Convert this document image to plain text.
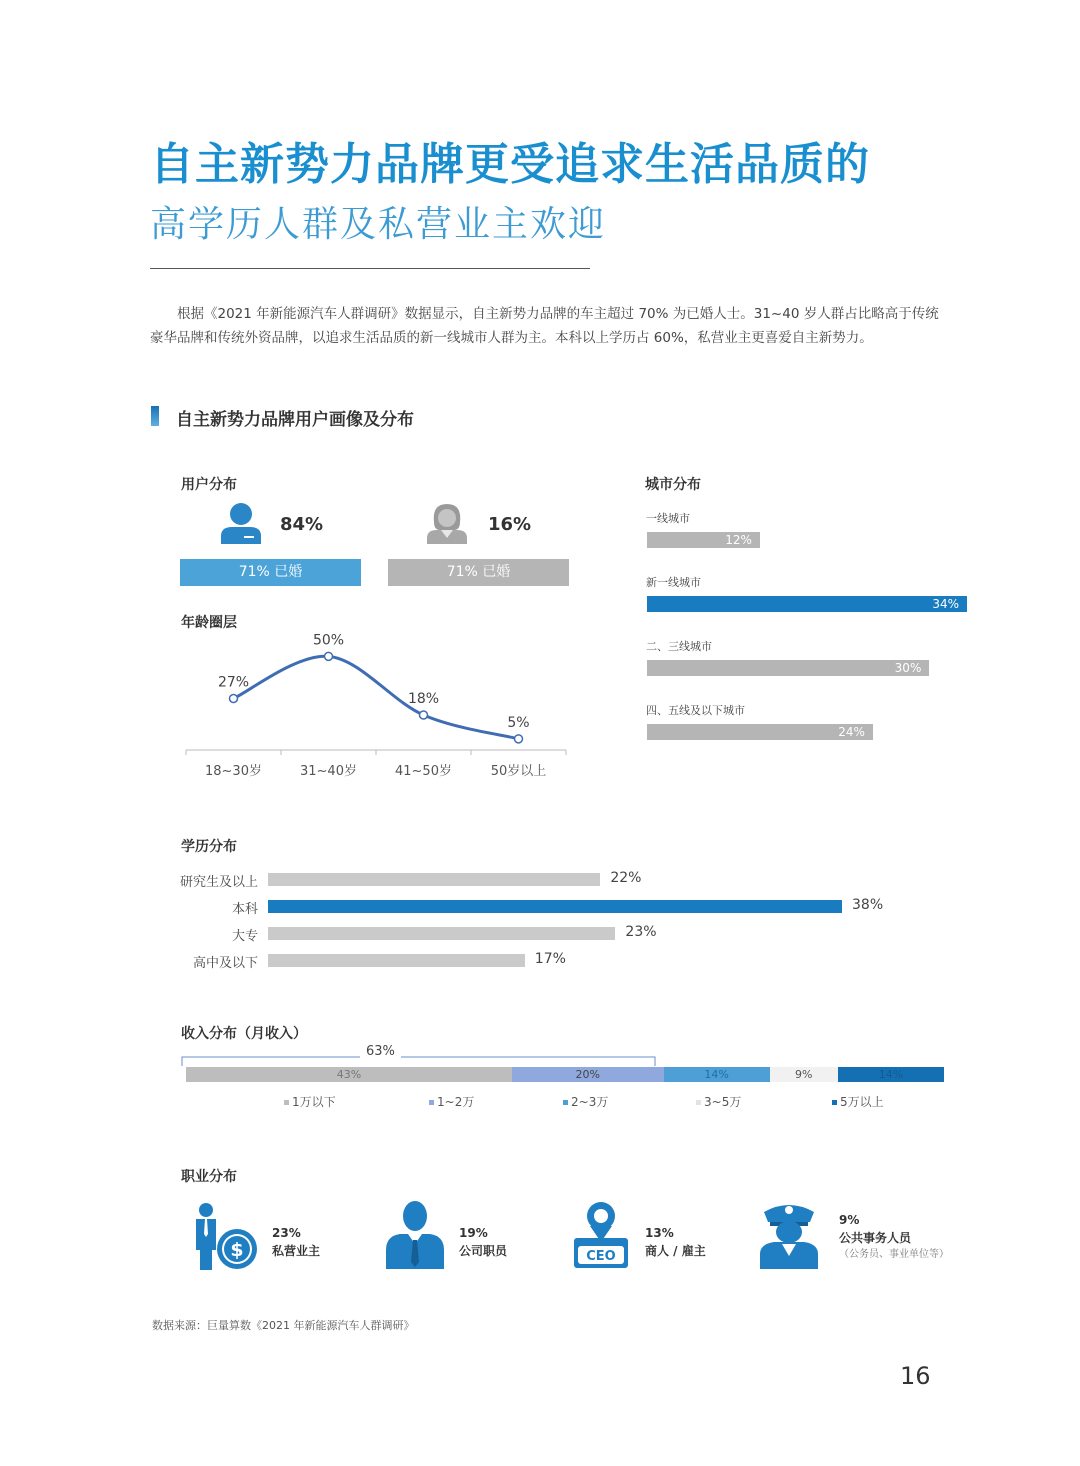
自主新势力品牌更受追求生活品质的
高学历人群及私营业主欢迎
根据《2021 年新能源汽车人群调研》数据显示，自主新势力品牌的车主超过 70% 为已婚人士。31~40 岁人群占比略高于传统豪华品牌和传统外资品牌，以追求生活品质的新一线城市人群为主。本科以上学历占 60%，私营业主更喜爱自主新势力。
自主新势力品牌用户画像及分布
用户分布
84%	16%
71% 已婚	71% 已婚
年龄圈层
27%
18~30岁
50%
31~40岁
18%
41~50岁
5%
50岁以上
城市分布
一线城市
12%
新一线城市
34%
二、三线城市
30%
四、五线及以下城市
24%
学历分布
研究生及以上	22%
本科	38%
大专	23%
高中及以下	17%
收入分布（月收入）
63%
43%
1万以下
20%
1~2万
14%
2~3万
9%
3~5万
14%
5万以上
职业分布
$
23%
私营业主
19%
公司职员	CEO
13%
商人 / 雇主
9%
公共事务人员
（公务员、事业单位等）
数据来源：巨量算数《2021 年新能源汽车人群调研》
16
